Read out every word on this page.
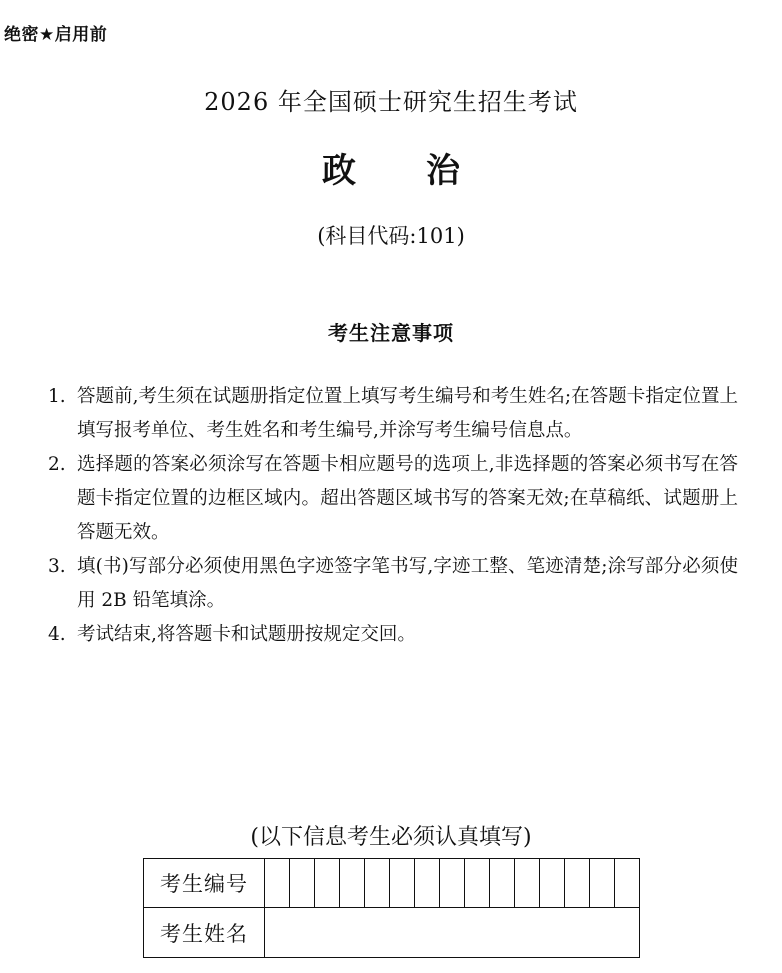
绝密★启用前
2026 年全国硕士研究生招生考试
政 治
(科目代码:101)
考生注意事项
1. 答题前,考生须在试题册指定位置上填写考生编号和考生姓名;在答题卡指定位置上填写报考单位、考生姓名和考生编号,并涂写考生编号信息点。
2. 选择题的答案必须涂写在答题卡相应题号的选项上,非选择题的答案必须书写在答题卡指定位置的边框区域内。超出答题区域书写的答案无效;在草稿纸、试题册上答题无效。
3. 填(书)写部分必须使用黑色字迹签字笔书写,字迹工整、笔迹清楚;涂写部分必须使用 2B 铅笔填涂。
4. 考试结束,将答题卡和试题册按规定交回。
(以下信息考生必须认真填写)
考生编号
考生姓名
